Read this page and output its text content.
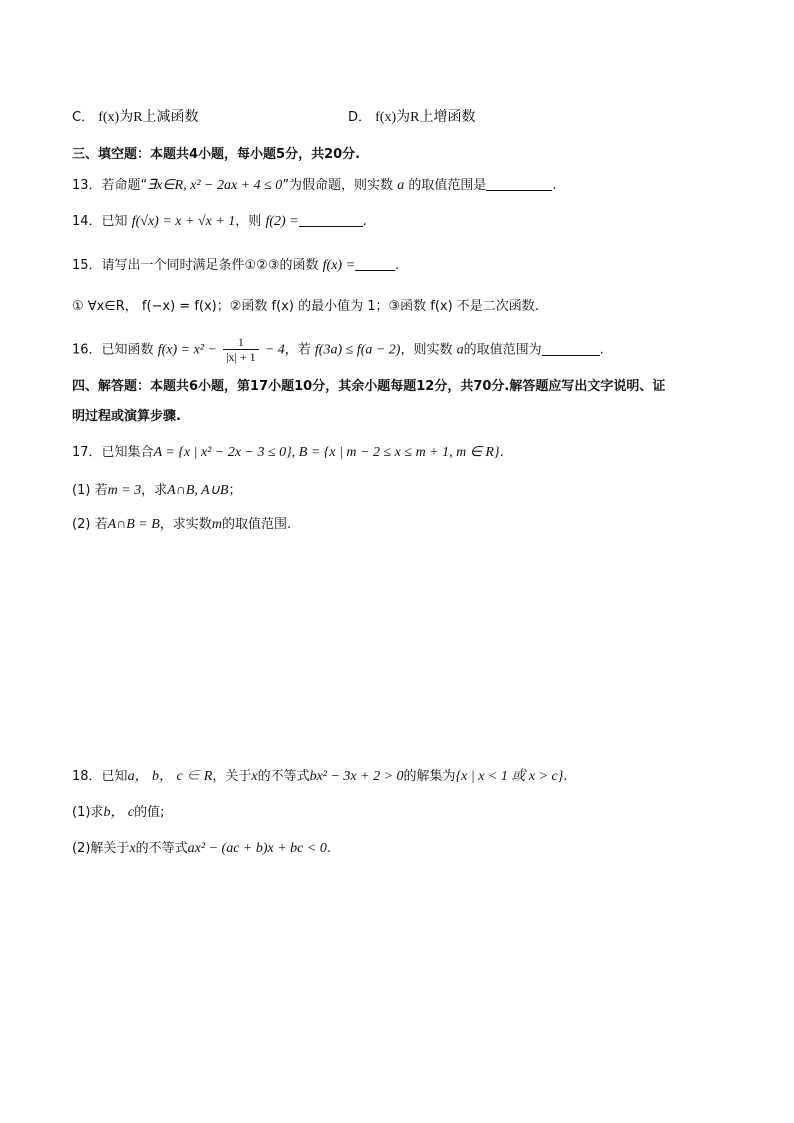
C． f(x)为R上减函数	D． f(x)为R上增函数
三、填空题：本题共4小题，每小题5分，共20分.
13．若命题“∃x∈R, x² − 2ax + 4 ≤ 0”为假命题，则实数 a 的取值范围是	.
14．已知 f(√x) = x + √x + 1，则 f(2) =	.
15．请写出一个同时满足条件①②③的函数 f(x) =	.
① ∀x∈R， f(−x) = f(x)；②函数 f(x) 的最小值为 1；③函数 f(x) 不是二次函数.
16．已知函数 $f(x) = x^2 - \frac{1}{|x| + 1} - 4$，若 f(3a) ≤ f(a − 2)，则实数 a的取值范围为	.
四、解答题：本题共6小题，第17小题10分，其余小题每题12分，共70分.解答题应写出文字说明、证
明过程或演算步骤.
17．已知集合A = {x | x² − 2x − 3 ≤ 0}, B = {x | m − 2 ≤ x ≤ m + 1, m ∈ R}.
(1) 若m = 3，求A∩B, A∪B；
(2) 若A∩B = B，求实数m的取值范围.
18．已知a， b， c ∈ R，关于x的不等式bx² − 3x + 2 > 0的解集为{x | x < 1 或 x > c}.
(1)求b， c的值;
(2)解关于x的不等式ax² − (ac + b)x + bc < 0.
